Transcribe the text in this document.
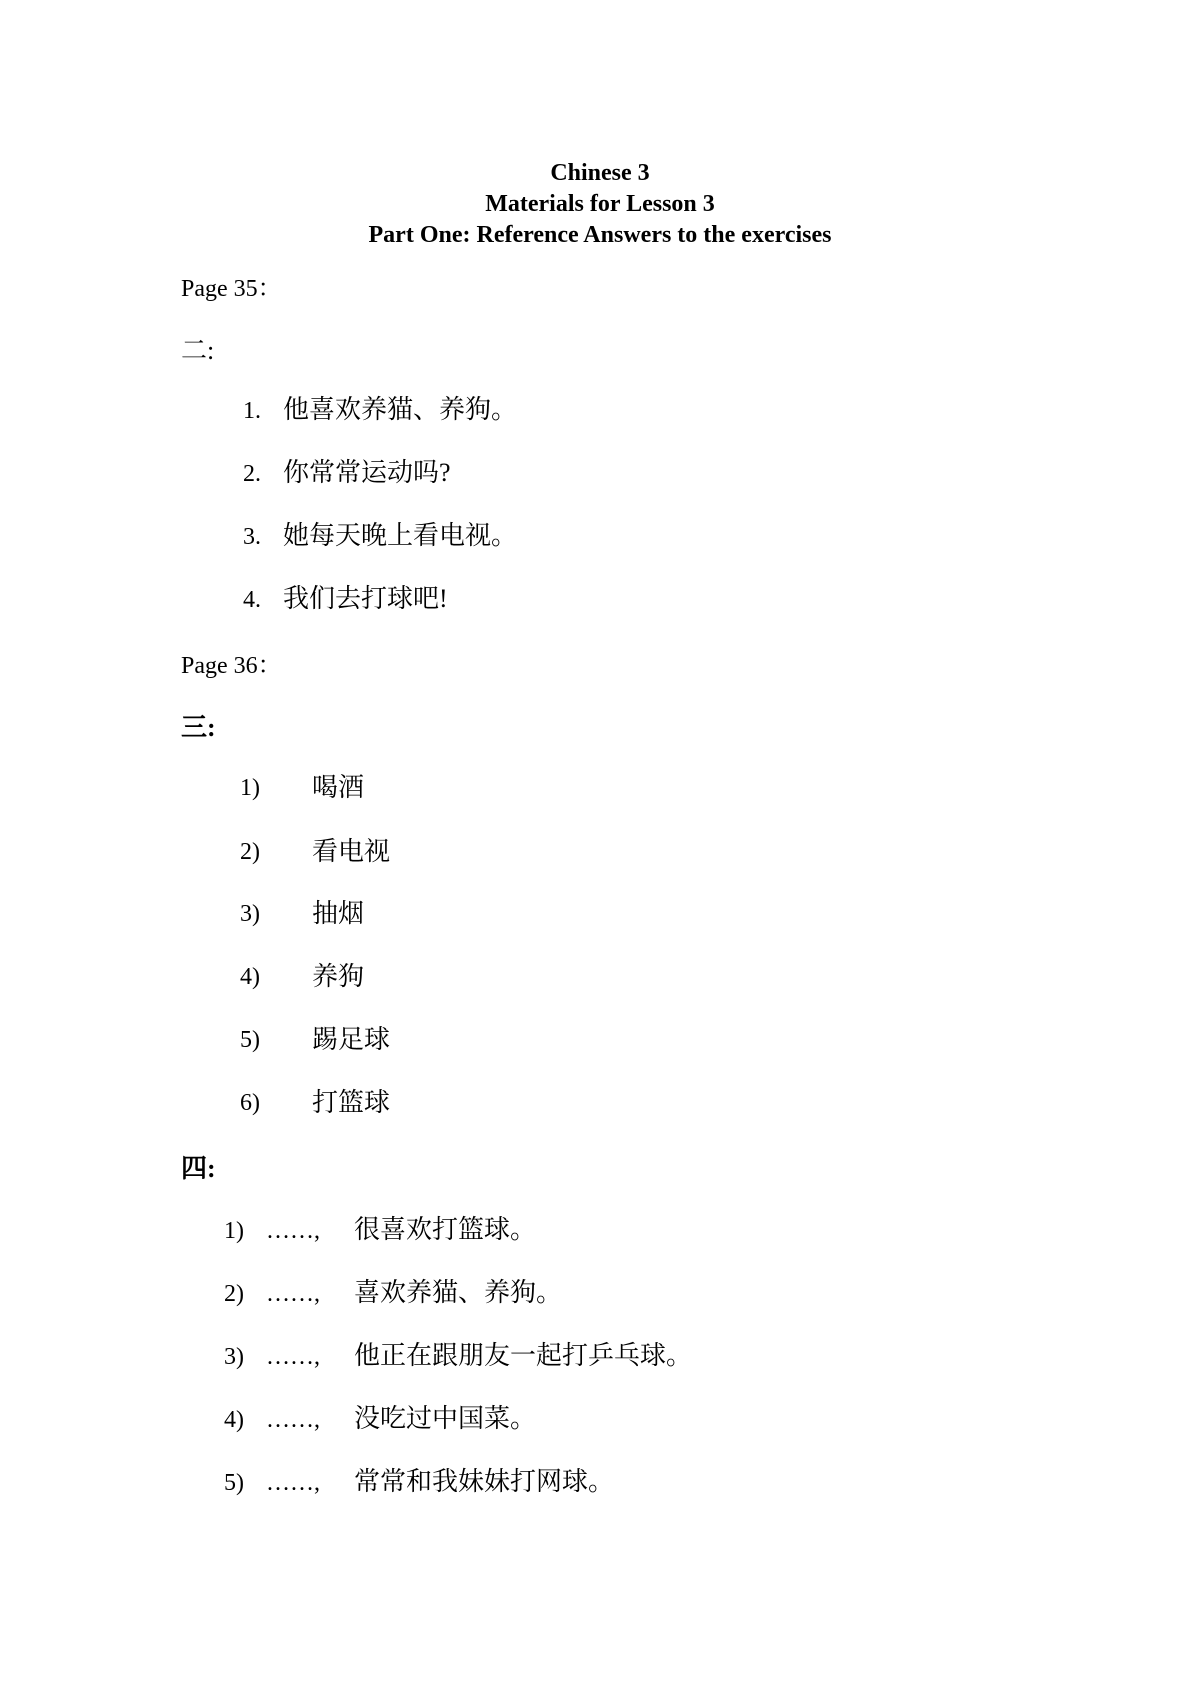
Chinese 3
Materials for Lesson 3
Part One: Reference Answers to the exercises
Page 35：
二:
1. 他喜欢养猫、养狗。
2. 你常常运动吗?
3. 她每天晚上看电视。
4. 我们去打球吧!
Page 36：
三:
1) 喝酒
2) 看电视
3) 抽烟
4) 养狗
5) 踢足球
6) 打篮球
四:
1) ……, 很喜欢打篮球。
2) ……, 喜欢养猫、养狗。
3) ……, 他正在跟朋友一起打乒乓球。
4) ……, 没吃过中国菜。
5) ……, 常常和我妹妹打网球。
